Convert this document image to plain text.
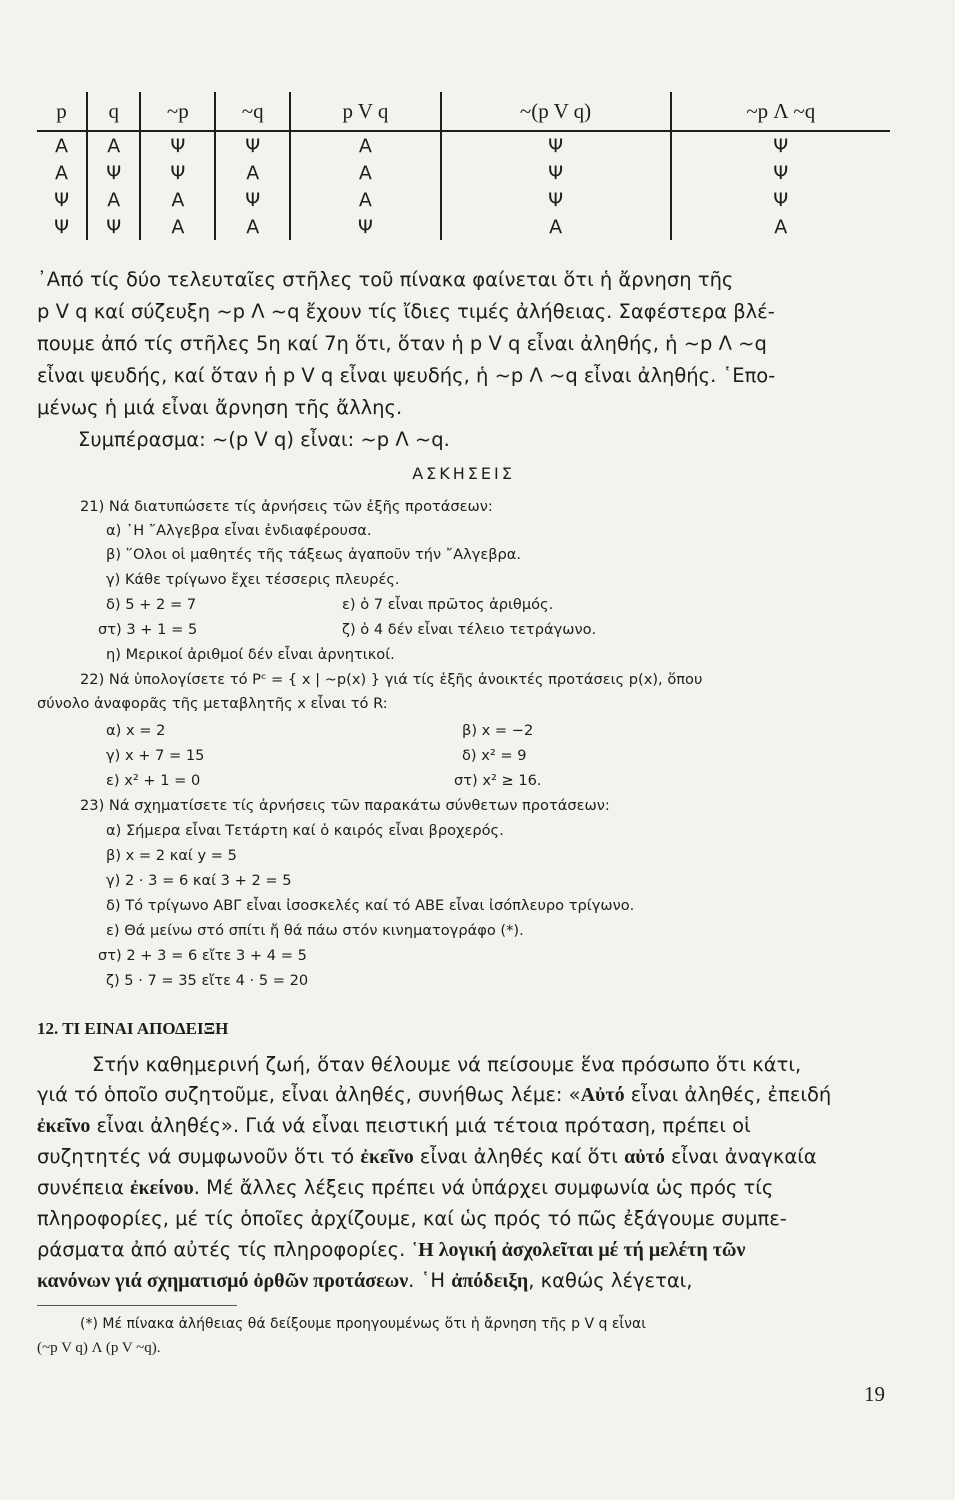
p	q	~p	~q	p V q	~(p V q)	~p Λ ~q
Α	Α	Ψ	Ψ	Α	Ψ	Ψ
Α	Ψ	Ψ	Α	Α	Ψ	Ψ
Ψ	Α	Α	Ψ	Α	Ψ	Ψ
Ψ	Ψ	Α	Α	Ψ	Α	Α

᾿Από τίς δύο τελευταῖες στῆλες τοῦ πίνακα φαίνεται ὅτι ἡ ἄρνηση τῆς

p V q καί σύζευξη ~p Λ ~q ἔχουν τίς ἴδιες τιμές ἀλήθειας. Σαφέστερα βλέ-

πουμε ἀπό τίς στῆλες 5η καί 7η ὅτι, ὅταν ἡ p V q εἶναι ἀληθής, ἡ ~p Λ ~q

εἶναι ψευδής, καί ὅταν ἡ p V q εἶναι ψευδής, ἡ ~p Λ ~q εἶναι ἀληθής. ῾Επο-

μένως ἡ μιά εἶναι ἄρνηση τῆς ἄλλης.

Συμπέρασμα: ~(p V q) εἶναι: ~p Λ ~q.

ΑΣΚΗΣΕΙΣ

21) Νά διατυπώσετε τίς ἀρνήσεις τῶν ἑξῆς προτάσεων:

α) ῾Η ῎Αλγεβρα εἶναι ἐνδιαφέρουσα.

β) ῞Ολοι οἱ μαθητές τῆς τάξεως ἀγαποῦν τήν ῎Αλγεβρα.

γ) Κάθε τρίγωνο ἔχει τέσσερις πλευρές.

δ) 5 + 2 = 7	ε) ὁ 7 εἶναι πρῶτος ἀριθμός.

στ) 3 + 1 = 5	ζ) ὁ 4 δέν εἶναι τέλειο τετράγωνο.

η) Μερικοί ἀριθμοί δέν εἶναι ἀρνητικοί.

22) Νά ὑπολογίσετε τό Pᶜ = { x | ~p(x) } γιά τίς ἑξῆς ἀνοικτές προτάσεις p(x), ὅπου

σύνολο ἀναφορᾶς τῆς μεταβλητῆς x εἶναι τό R:

α) x = 2	β) x = −2

γ) x + 7 = 15	δ) x² = 9

ε) x² + 1 = 0	στ) x² ≥ 16.

23) Νά σχηματίσετε τίς ἀρνήσεις τῶν παρακάτω σύνθετων προτάσεων:

α) Σήμερα εἶναι Τετάρτη καί ὁ καιρός εἶναι βροχερός.

β) x = 2 καί y = 5

γ) 2 · 3 = 6 καί 3 + 2 = 5

δ) Τό τρίγωνο ΑΒΓ εἶναι ἰσοσκελές καί τό ΑΒΕ εἶναι ἰσόπλευρο τρίγωνο.

ε) Θά μείνω στό σπίτι ἤ θά πάω στόν κινηματογράφο (*).

στ) 2 + 3 = 6 εἴτε 3 + 4 = 5

ζ) 5 · 7 = 35 εἴτε 4 · 5 = 20

12. ΤΙ ΕΙΝΑΙ ΑΠΟΔΕΙΞΗ

Στήν καθημερινή ζωή, ὅταν θέλουμε νά πείσουμε ἕνα πρόσωπο ὅτι κάτι,

γιά τό ὁποῖο συζητοῦμε, εἶναι ἀληθές, συνήθως λέμε: «Αὐτό εἶναι ἀληθές, ἐπειδή

ἐκεῖνο εἶναι ἀληθές». Γιά νά εἶναι πειστική μιά τέτοια πρόταση, πρέπει οἱ

συζητητές νά συμφωνοῦν ὅτι τό ἐκεῖνο εἶναι ἀληθές καί ὅτι αὐτό εἶναι ἀναγκαία

συνέπεια ἐκείνου. Μέ ἄλλες λέξεις πρέπει νά ὑπάρχει συμφωνία ὡς πρός τίς

πληροφορίες, μέ τίς ὁποῖες ἀρχίζουμε, καί ὡς πρός τό πῶς ἐξάγουμε συμπε-

ράσματα ἀπό αὐτές τίς πληροφορίες. ῾Η λογική ἀσχολεῖται μέ τή μελέτη τῶν

κανόνων γιά σχηματισμό ὀρθῶν προτάσεων. ῾Η ἀπόδειξη, καθώς λέγεται,

(*) Μέ πίνακα ἀλήθειας θά δείξουμε προηγουμένως ὅτι ἡ ἄρνηση τῆς p V q εἶναι

(~p V q) Λ (p V ~q).

19
